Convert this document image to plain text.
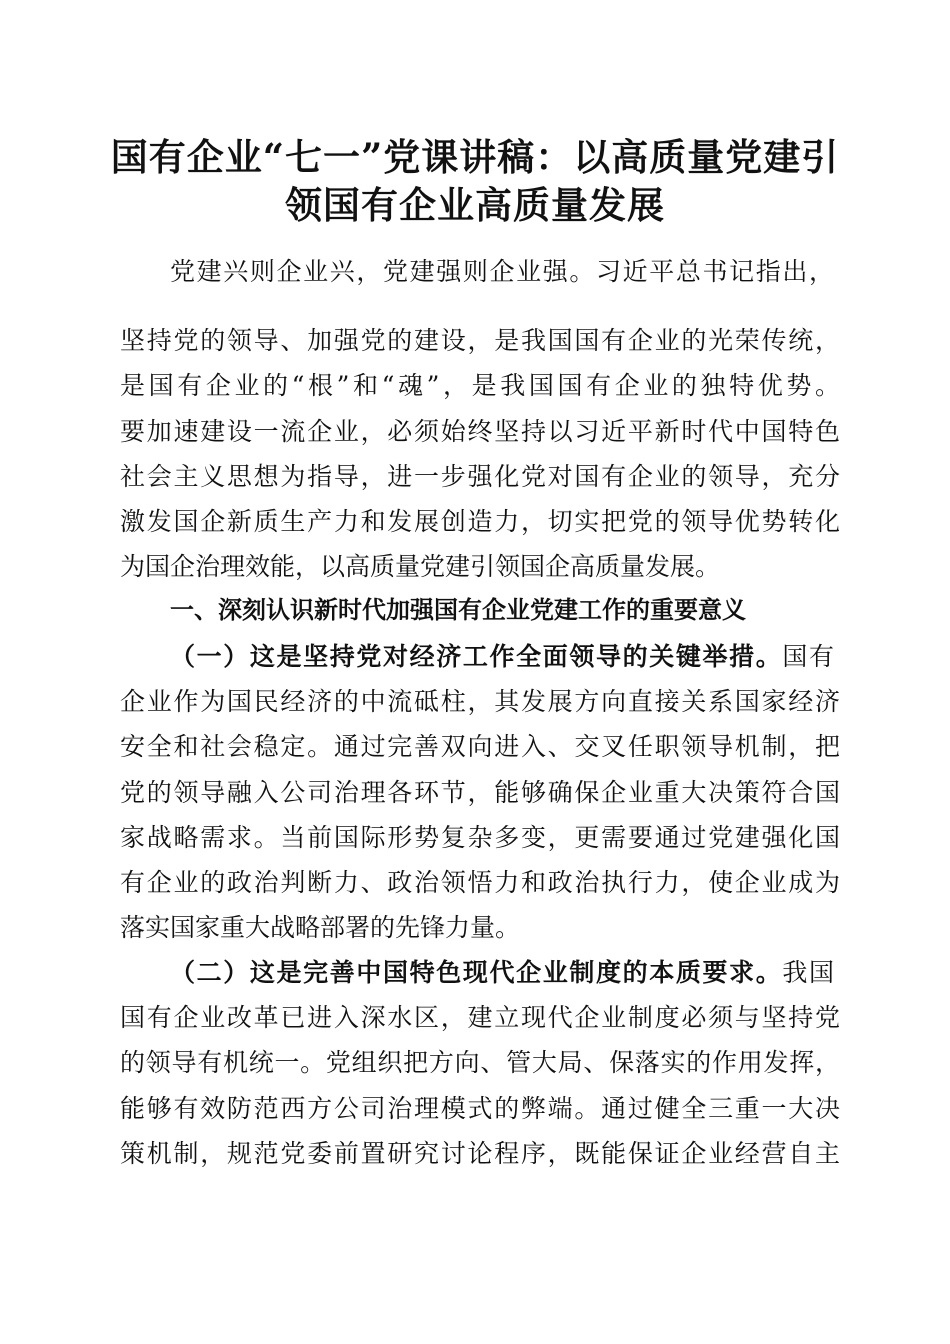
国有企业“七一”党课讲稿：以高质量党建引
领国有企业高质量发展

党建兴则企业兴，党建强则企业强。习近平总书记指出，

坚持党的领导、加强党的建设，是我国国有企业的光荣传统，

是国有企业的“根”和“魂”，是我国国有企业的独特优势。

要加速建设一流企业，必须始终坚持以习近平新时代中国特色

社会主义思想为指导，进一步强化党对国有企业的领导，充分

激发国企新质生产力和发展创造力，切实把党的领导优势转化

为国企治理效能，以高质量党建引领国企高质量发展。

一、深刻认识新时代加强国有企业党建工作的重要意义

（一）这是坚持党对经济工作全面领导的关键举措。国有

企业作为国民经济的中流砥柱，其发展方向直接关系国家经济

安全和社会稳定。通过完善双向进入、交叉任职领导机制，把

党的领导融入公司治理各环节，能够确保企业重大决策符合国

家战略需求。当前国际形势复杂多变，更需要通过党建强化国

有企业的政治判断力、政治领悟力和政治执行力，使企业成为

落实国家重大战略部署的先锋力量。

（二）这是完善中国特色现代企业制度的本质要求。我国

国有企业改革已进入深水区，建立现代企业制度必须与坚持党

的领导有机统一。党组织把方向、管大局、保落实的作用发挥，

能够有效防范西方公司治理模式的弊端。通过健全三重一大决

策机制，规范党委前置研究讨论程序，既能保证企业经营自主
